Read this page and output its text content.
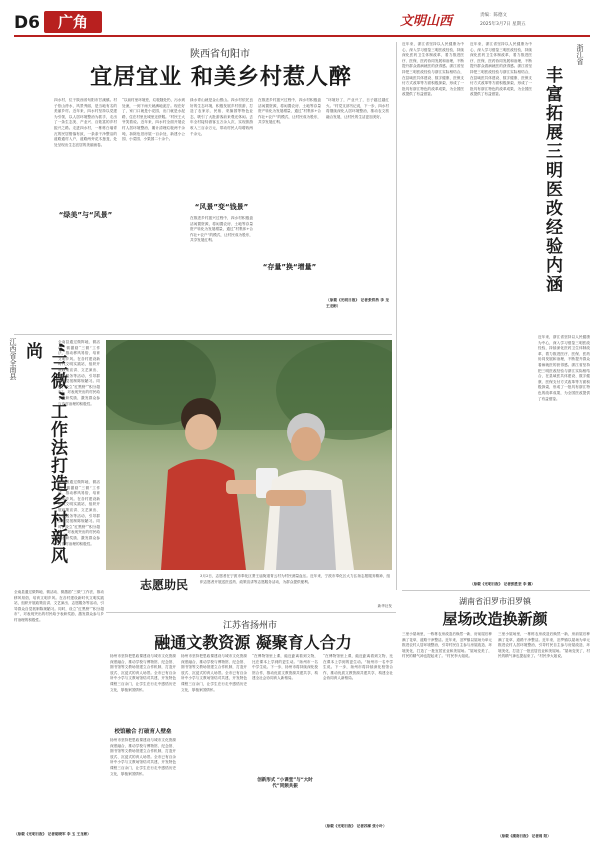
D6	广角	文明山西	责编：陈德文
2025年3月7日 星期五
陕西省旬阳市
宜居宜业 和美乡村惹人醉
四水村，位于陕西省旬阳市甘溪镇。村子依山傍水，风景秀丽，是当地有名的美丽乡村。近年来，四水村坚持以党建为引领，以人居环境整治为抓手，走出了一条生态美、产业兴、百姓富的乡村振兴之路。走进四水村，一栋栋白墙青瓦的民居错落有致，一条条干净整洁的道路通村入户，道路两旁花木葱茏，处处呈现出生态宜居的美丽画卷。
“以前村里环境差，垃圾随处扔，污水到处流，一到下雨天就满地泥泞。现在好了，家门口就是小花园，出门就是水泥路，住在村里比城里还舒服。”村民王大爷笑着说。近年来，四水村全面开展农村人居环境整治，累计清理垃圾两千余吨，拆除危旧房屋一百余处，新建小公园、小菜园、小果园二十余个。
绿水青山就是金山银山。四水村依托良好的生态环境，积极发展乡村旅游，打造了农家乐、民宿、采摘园等特色业态，吸引了大批游客前来观光休闲。去年全村接待游客五万余人次，实现旅游收入三百余万元，带动村民人均增收两千余元。
“风景”变“钱景”
在推进乡村振兴过程中，四水村积极盘活闲置资源，将闲置农房、土地等存量资产转化为发展增量，通过“村集体+合作社+农户”的模式，让村民成为股东，共享发展红利。
在推进乡村振兴过程中，四水村积极盘活闲置资源，将闲置农房、土地等存量资产转化为发展增量，通过“村集体+合作社+农户”的模式，让村民成为股东，共享发展红利。
“存量”换“增量”
“环境好了，产业兴了，日子越过越红火。”村党支部书记说，下一步，四水村将继续深化人居环境整治，推动农文旅融合发展，让村民的生活更加美好。
（原载《光明日报》 记者张哲浩 李 龙 王龙彬）
“绿美”与“风景”
近年来，浙江省坚持以人民健康为中心，深入学习借鉴三明医改经验，持续深化医药卫生体制改革，着力推进医疗、医保、医药协同发展和治理，不断提升群众看病就医的获得感。浙江省坚持把三明医改经验与浙江实际相结合，在县域医共体建设、数字健康、医保支付方式改革等方面积极探索，形成了一批具有浙江特色的改革成果，为全国医改提供了有益借鉴。
近年来，浙江省坚持以人民健康为中心，深入学习借鉴三明医改经验，持续深化医药卫生体制改革，着力推进医疗、医保、医药协同发展和治理，不断提升群众看病就医的获得感。浙江省坚持把三明医改经验与浙江实际相结合，在县域医共体建设、数字健康、医保支付方式改革等方面积极探索，形成了一批具有浙江特色的改革成果，为全国医改提供了有益借鉴。
浙江省
丰富拓展三明医改经验内涵
近年来，浙江省坚持以人民健康为中心，深入学习借鉴三明医改经验，持续深化医药卫生体制改革，着力推进医疗、医保、医药协同发展和治理，不断提升群众看病就医的获得感。浙江省坚持把三明医改经验与浙江实际相结合，在县域医共体建设、数字健康、医保支付方式改革等方面积极探索，形成了一批具有浙江特色的改革成果，为全国医改提供了有益借鉴。
（原载《光明日报》 记者张胜坚 李 娜）
江西省全南县	“三微”工作法打造乡村新风尚	全南县通过微阵地、微活动、微激励“三微”工作法，推动移风易俗，培育文明乡风。在各村建设新时代文明实践站，组织开展政策宣讲、文艺演出、志愿服务等活动，引导群众自觉抵制陈规陋习。同时，设立“红黑榜”“积分超市”，对表现突出的村民给予表彰奖励，激发群众参与乡村治理的积极性。
全南县通过微阵地、微活动、微激励“三微”工作法，推动移风易俗，培育文明乡风。在各村建设新时代文明实践站，组织开展政策宣讲、文艺演出、志愿服务等活动，引导群众自觉抵制陈规陋习。同时，设立“红黑榜”“积分超市”，对表现突出的村民给予表彰奖励，激发群众参与乡村治理的积极性。
全南县通过微阵地、微活动、微激励“三微”工作法，推动移风易俗，培育文明乡风。在各村建设新时代文明实践站，组织开展政策宣讲、文艺演出、志愿服务等活动，引导群众自觉抵制陈规陋习。同时，设立“红黑榜”“积分超市”，对表现突出的村民给予表彰奖励，激发群众参与乡村治理的积极性。
（原载《光明日报》 记者胡晓军 李 玉 王龙彬）
志愿助民
3月2日，志愿者在宁波市奉化区萧王庙街道青云村为村民测量血压。近年来，宁波市奉化区大力弘扬志愿服务精神，组织志愿者开展送医送药、政策宣讲等志愿服务活动，为群众提供便利。
新华社发
江苏省扬州市
融通文教资源 凝聚育人合力
扬州市坚持把思政课建设与城市文化资源深度融合，推动学校与博物馆、纪念馆、图书馆等文教场馆建立合作机制，打造开放式、沉浸式的育人场景。全市已有百余所中小学与文教场馆结对共建，开发特色课程三百余门，让学生在行走中感悟历史文化，厚植家国情怀。
校馆融合 打破育人壁垒
扬州市坚持把思政课建设与城市文化资源深度融合，推动学校与博物馆、纪念馆、图书馆等文教场馆建立合作机制，打造开放式、沉浸式的育人场景。全市已有百余所中小学与文教场馆结对共建，开发特色课程三百余门，让学生在行走中感悟历史文化，厚植家国情怀。
扬州市坚持把思政课建设与城市文化资源深度融合，推动学校与博物馆、纪念馆、图书馆等文教场馆建立合作机制，打造开放式、沉浸式的育人场景。全市已有百余所中小学与文教场馆结对共建，开发特色课程三百余门，让学生在行走中感悟历史文化，厚植家国情怀。
“在博物馆里上课，能近距离看到文物，比在课本上学到的更生动。”扬州市一名中学生说。下一步，扬州市将持续深化校馆合作，推动优质文教资源共建共享，构建全社会协同育人新格局。
创新形式 “小课堂”与“大时代”同频共振
“在博物馆里上课，能近距离看到文物，比在课本上学到的更生动。”扬州市一名中学生说。下一步，扬州市将持续深化校馆合作，推动优质文教资源共建共享，构建全社会协同育人新格局。
（原载《光明日报》 记者苏雁 张小叶）
湖南省汨罗市汨罗镇
屋场改造换新颜
三里小屋场里，一栋栋农房改造后焕然一新，房前屋后种满了花草，道路干净整洁。近年来，汨罗镇以屋场为单元推进农村人居环境整治，引导村民自主参与房屋改造、环境美化，打造了一批宜居宜业和美屋场。“屋场变美了，村民的精气神也提起来了。”村民李大姐说。
三里小屋场里，一栋栋农房改造后焕然一新，房前屋后种满了花草，道路干净整洁。近年来，汨罗镇以屋场为单元推进农村人居环境整治，引导村民自主参与房屋改造、环境美化，打造了一批宜居宜业和美屋场。“屋场变美了，村民的精气神也提起来了。”村民李大姐说。
（原载《湖南日报》 记者周 阳）
